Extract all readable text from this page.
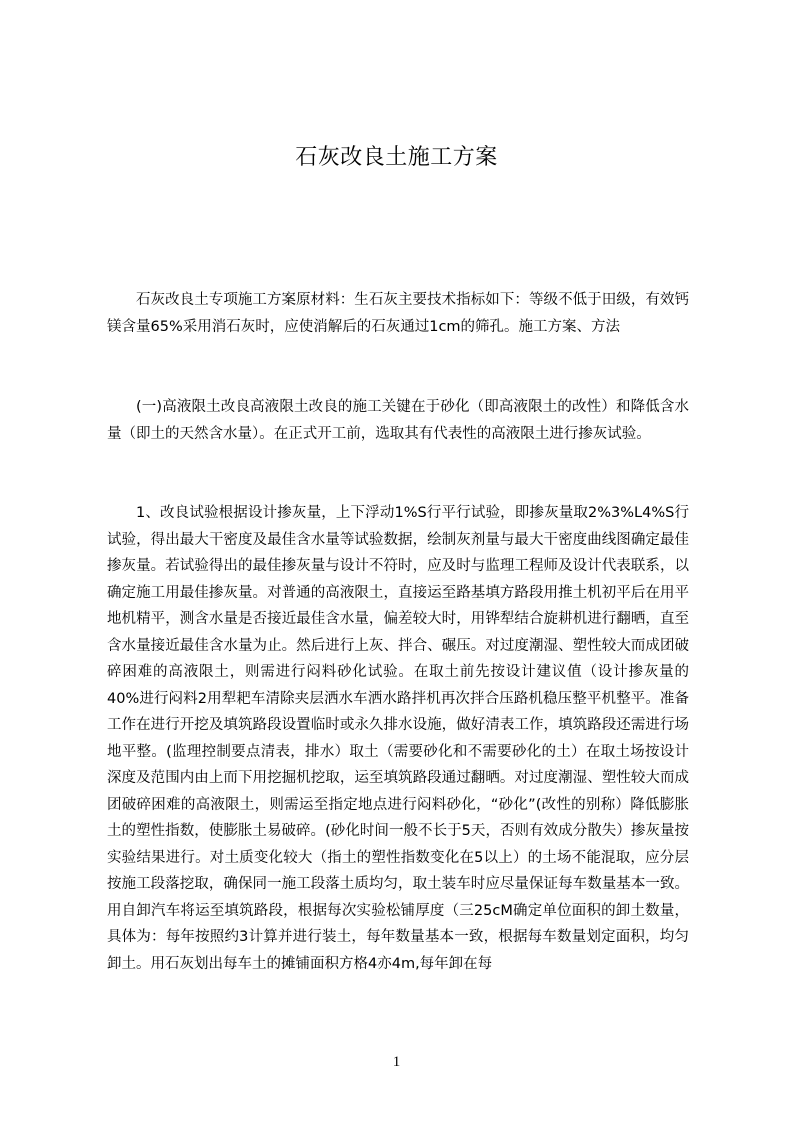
石灰改良土施工方案

石灰改良土专项施工方案原材料：生石灰主要技术指标如下：等级不低于田级，有效钙镁含量65%采用消石灰时，应使消解后的石灰通过1cm的筛孔。施工方案、方法

(一)高液限土改良高液限土改良的施工关键在于砂化（即高液限土的改性）和降低含水量（即土的天然含水量）。在正式开工前，选取其有代表性的高液限土进行掺灰试验。

1、改良试验根据设计掺灰量，上下浮动1%S行平行试验，即掺灰量取2%3%L4%S行试验，得出最大干密度及最佳含水量等试验数据，绘制灰剂量与最大干密度曲线图确定最佳掺灰量。若试验得出的最佳掺灰量与设计不符时，应及时与监理工程师及设计代表联系，以确定施工用最佳掺灰量。对普通的高液限土，直接运至路基填方路段用推土机初平后在用平地机精平，测含水量是否接近最佳含水量，偏差较大时，用铧犁结合旋耕机进行翻晒，直至含水量接近最佳含水量为止。然后进行上灰、拌合、碾压。对过度潮湿、塑性较大而成团破碎困难的高液限土，则需进行闷料砂化试验。在取土前先按设计建议值（设计掺灰量的40%进行闷料2用犁耙车清除夹层洒水车洒水路拌机再次拌合压路机稳压整平机整平。准备工作在进行开挖及填筑路段设置临时或永久排水设施，做好清表工作，填筑路段还需进行场地平整。(监理控制要点清表，排水）取土（需要砂化和不需要砂化的土）在取土场按设计深度及范围内由上而下用挖掘机挖取，运至填筑路段通过翻晒。对过度潮湿、塑性较大而成团破碎困难的高液限土，则需运至指定地点进行闷料砂化，“砂化”(改性的别称）降低膨胀土的塑性指数，使膨胀土易破碎。(砂化时间一般不长于5天，否则有效成分散失）掺灰量按实验结果进行。对土质变化较大（指土的塑性指数变化在5以上）的土场不能混取，应分层按施工段落挖取，确保同一施工段落土质均匀，取土装车时应尽量保证每车数量基本一致。用自卸汽车将运至填筑路段，根据每次实验松铺厚度（三25cM确定单位面积的卸土数量，具体为：每年按照约3计算并进行装土，每年数量基本一致，根据每车数量划定面积，均匀卸土。用石灰划出每车土的摊铺面积方格4亦4m,每年卸在每

1
